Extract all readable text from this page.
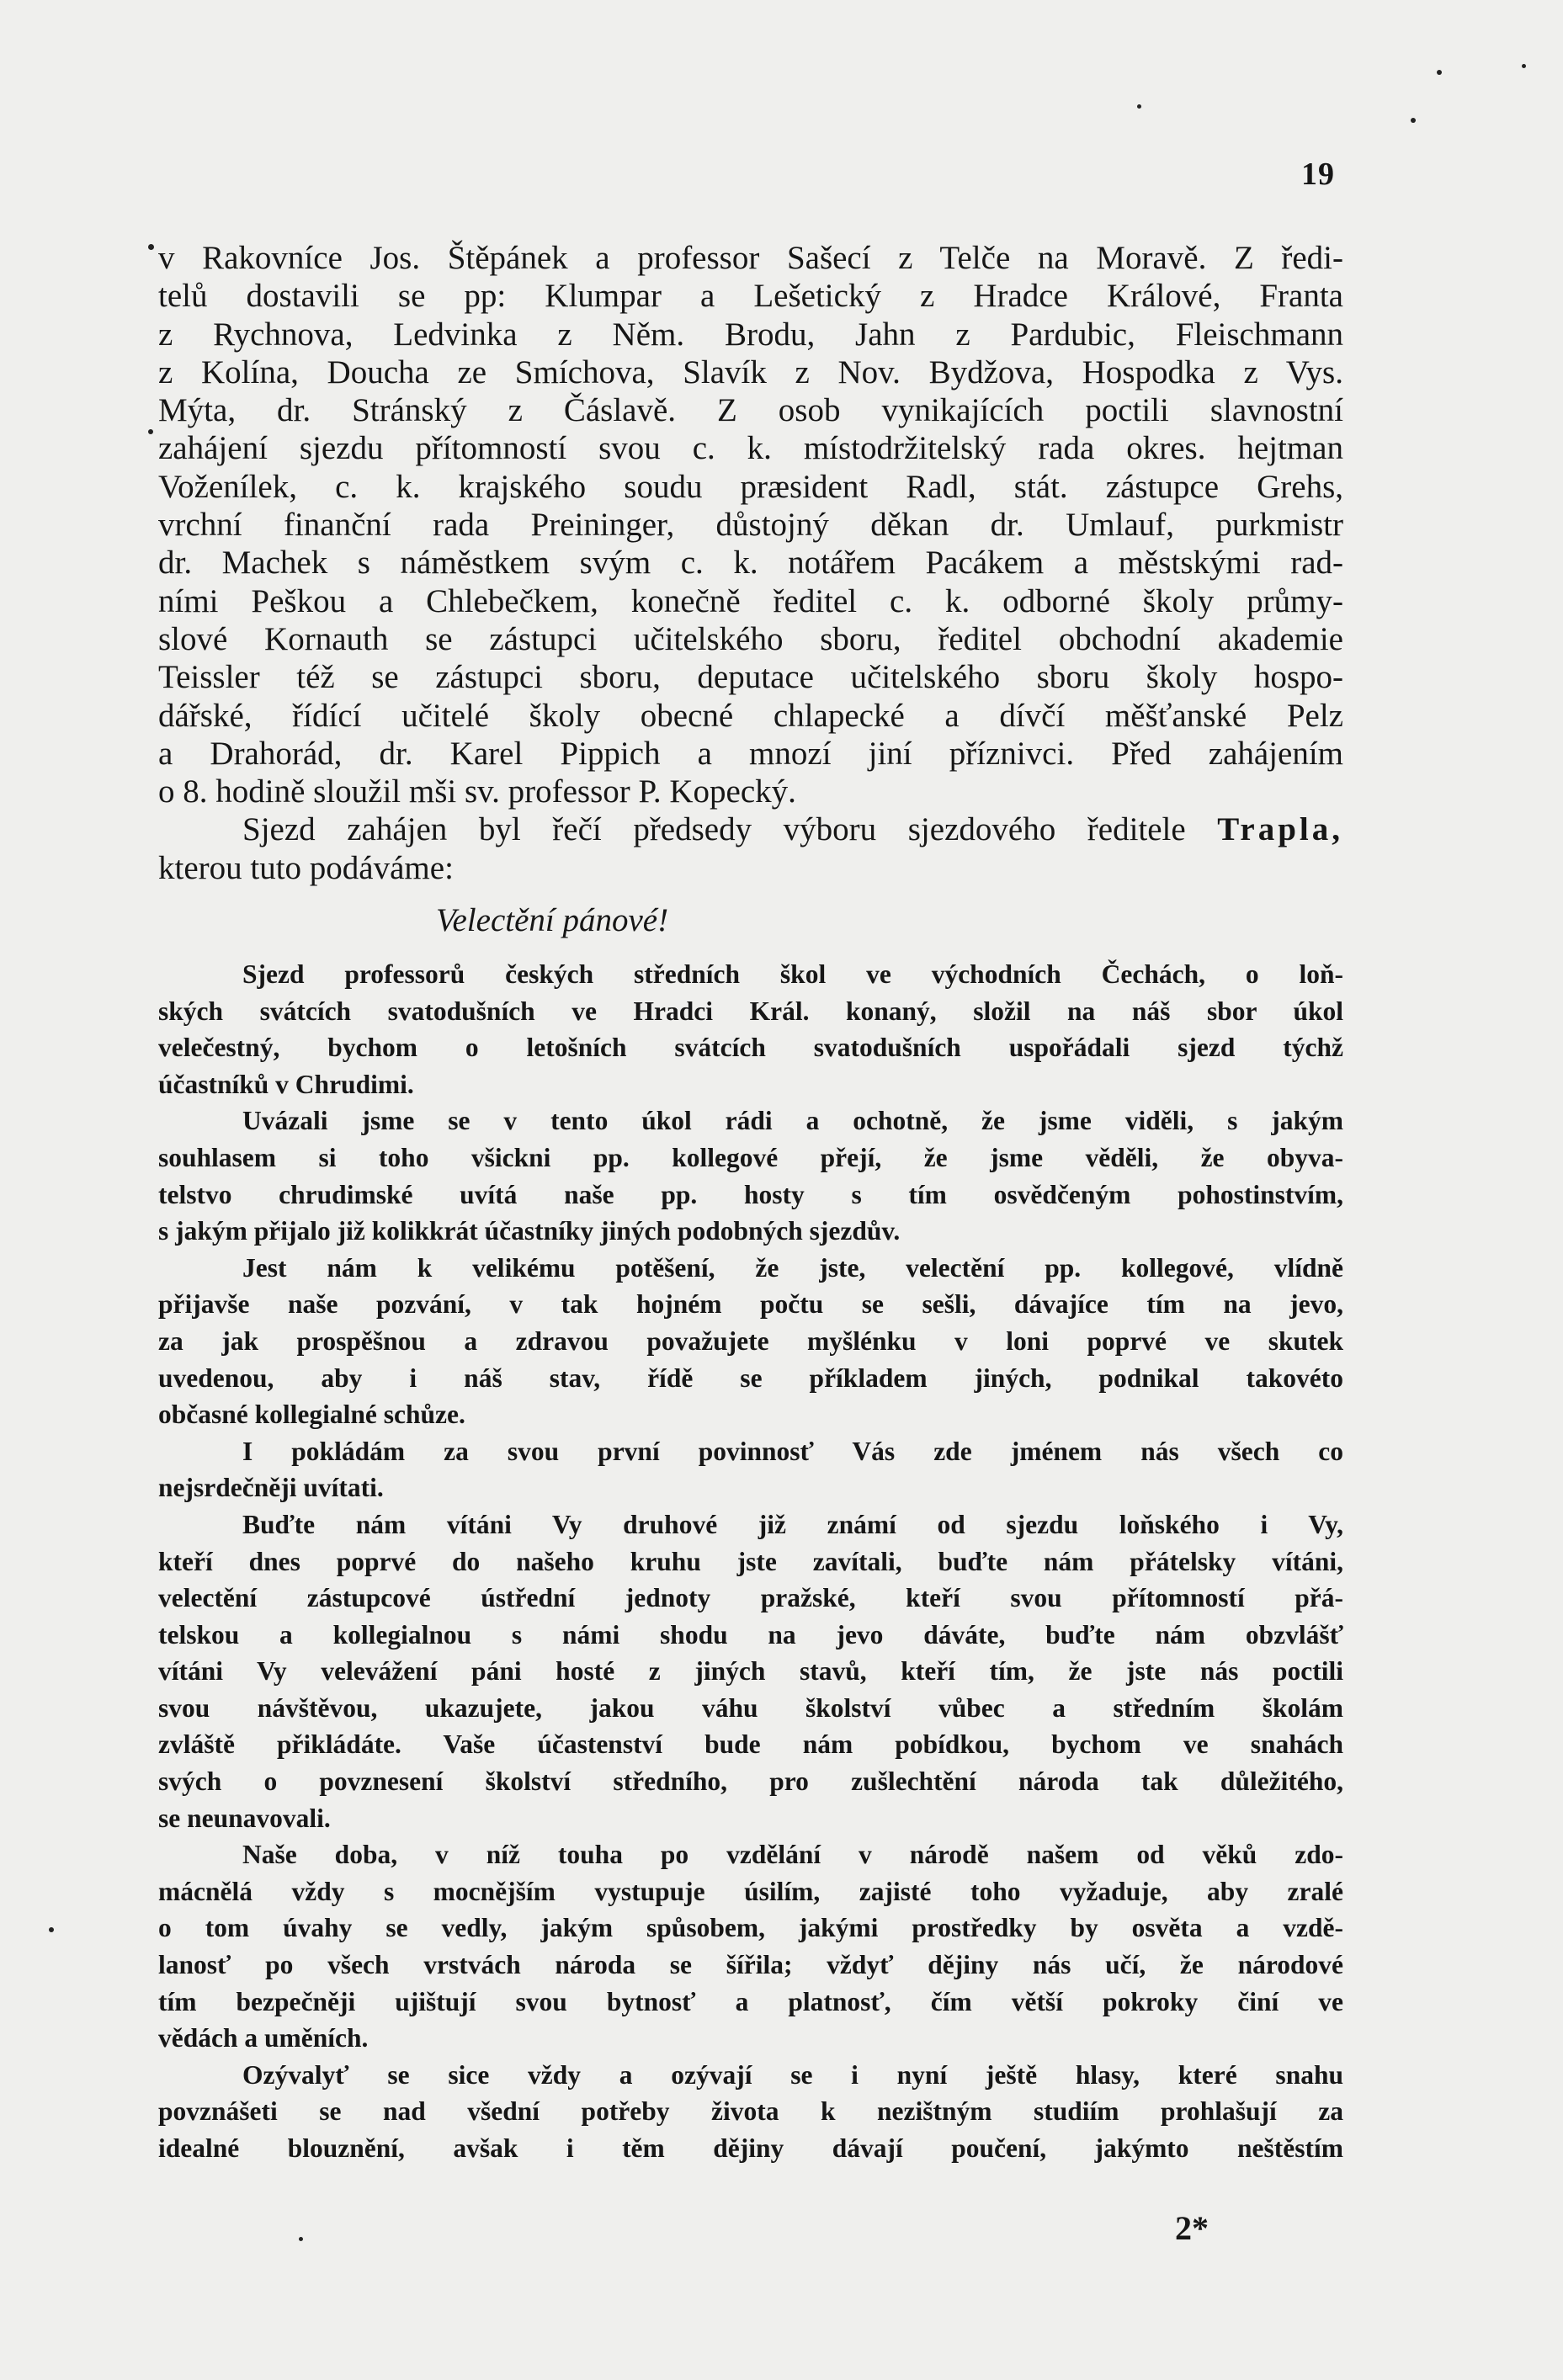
19
v Rakovníce Jos. Štěpánek a professor Sašecí z Telče na Moravě. Z ředi-
telů dostavili se pp: Klumpar a Lešetický z Hradce Králové, Franta
z Rychnova, Ledvinka z Něm. Brodu, Jahn z Pardubic, Fleischmann
z Kolína, Doucha ze Smíchova, Slavík z Nov. Bydžova, Hospodka z Vys.
Mýta, dr. Stránský z Čáslavě. Z osob vynikajících poctili slavnostní
zahájení sjezdu přítomností svou c. k. místodržitelský rada okres. hejtman
Voženílek, c. k. krajského soudu præsident Radl, stát. zástupce Grehs,
vrchní finanční rada Preininger, důstojný děkan dr. Umlauf, purkmistr
dr. Machek s náměstkem svým c. k. notářem Pacákem a městskými rad-
ními Peškou a Chlebečkem, konečně ředitel c. k. odborné školy průmy-
slové Kornauth se zástupci učitelského sboru, ředitel obchodní akademie
Teissler též se zástupci sboru, deputace učitelského sboru školy hospo-
dářské, řídící učitelé školy obecné chlapecké a dívčí měšťanské Pelz
a Drahorád, dr. Karel Pippich a mnozí jiní příznivci. Před zahájením
o 8. hodině sloužil mši sv. professor P. Kopecký.
Sjezd zahájen byl řečí předsedy výboru sjezdového ředitele Trapla,
kterou tuto podáváme:
Velectění pánové!
Sjezd professorů českých středních škol ve východních Čechách, o loň-
ských svátcích svatodušních ve Hradci Král. konaný, složil na náš sbor úkol
velečestný, bychom o letošních svátcích svatodušních uspořádali sjezd týchž
účastníků v Chrudimi.
Uvázali jsme se v tento úkol rádi a ochotně, že jsme viděli, s jakým
souhlasem si toho všickni pp. kollegové přejí, že jsme věděli, že obyva-
telstvo chrudimské uvítá naše pp. hosty s tím osvědčeným pohostinstvím,
s jakým přijalo již kolikkrát účastníky jiných podobných sjezdův.
Jest nám k velikému potěšení, že jste, velectění pp. kollegové, vlídně
přijavše naše pozvání, v tak hojném počtu se sešli, dávajíce tím na jevo,
za jak prospěšnou a zdravou považujete myšlénku v loni poprvé ve skutek
uvedenou, aby i náš stav, řídě se příkladem jiných, podnikal takovéto
občasné kollegialné schůze.
I pokládám za svou první povinnosť Vás zde jménem nás všech co
nejsrdečněji uvítati.
Buďte nám vítáni Vy druhové již známí od sjezdu loňského i Vy,
kteří dnes poprvé do našeho kruhu jste zavítali, buďte nám přátelsky vítáni,
velectění zástupcové ústřední jednoty pražské, kteří svou přítomností přá-
telskou a kollegialnou s námi shodu na jevo dáváte, buďte nám obzvlášť
vítáni Vy velevážení páni hosté z jiných stavů, kteří tím, že jste nás poctili
svou návštěvou, ukazujete, jakou váhu školství vůbec a středním školám
zvláště přikládáte. Vaše účastenství bude nám pobídkou, bychom ve snahách
svých o povznesení školství středního, pro zušlechtění národa tak důležitého,
se neunavovali.
Naše doba, v níž touha po vzdělání v národě našem od věků zdo-
mácnělá vždy s mocnějším vystupuje úsilím, zajisté toho vyžaduje, aby zralé
o tom úvahy se vedly, jakým spůsobem, jakými prostředky by osvěta a vzdě-
lanosť po všech vrstvách národa se šířila; vždyť dějiny nás učí, že národové
tím bezpečněji ujištují svou bytnosť a platnosť, čím větší pokroky činí ve
vědách a uměních.
Ozývalyť se sice vždy a ozývají se i nyní ještě hlasy, které snahu
povznášeti se nad všední potřeby života k nezištným studiím prohlašují za
idealné blouznění, avšak i těm dějiny dávají poučení, jakýmto neštěstím
2*
